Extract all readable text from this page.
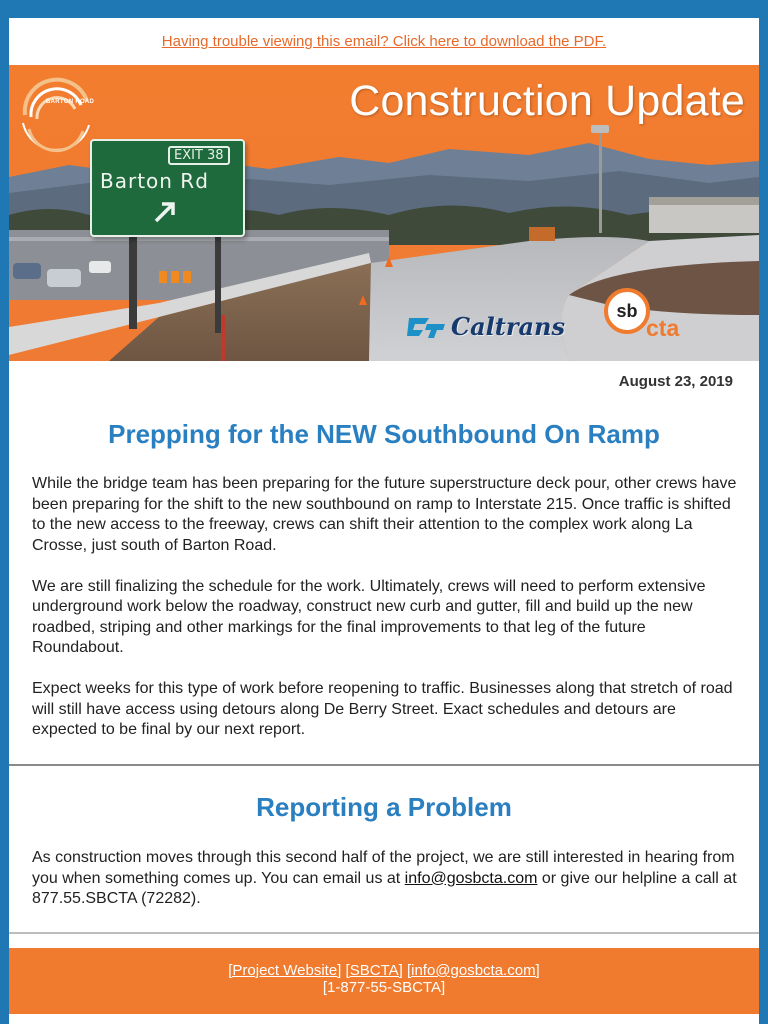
Having trouble viewing this email? Click here to download the PDF.
BARTON ROAD	Construction Update
EXIT 38
Barton Rd
Caltrans
sb
cta
August 23, 2019
Prepping for the NEW Southbound On Ramp

While the bridge team has been preparing for the future superstructure deck pour, other crews have been preparing for the shift to the new southbound on ramp to Interstate 215. Once traffic is shifted to the new access to the freeway, crews can shift their attention to the complex work along La Crosse, just south of Barton Road.

We are still finalizing the schedule for the work. Ultimately, crews will need to perform extensive underground work below the roadway, construct new curb and gutter, fill and build up the new roadbed, striping and other markings for the final improvements to that leg of the future Roundabout.

Expect weeks for this type of work before reopening to traffic. Businesses along that stretch of road will still have access using detours along De Berry Street. Exact schedules and detours are expected to be final by our next report.

Reporting a Problem
As construction moves through this second half of the project, we are still interested in hearing from you when something comes up. You can email us at info@gosbcta.com or give our helpline a call at 877.55.SBCTA (72282).
[Project Website] [SBCTA] [info@gosbcta.com]
[1-877-55-SBCTA]
